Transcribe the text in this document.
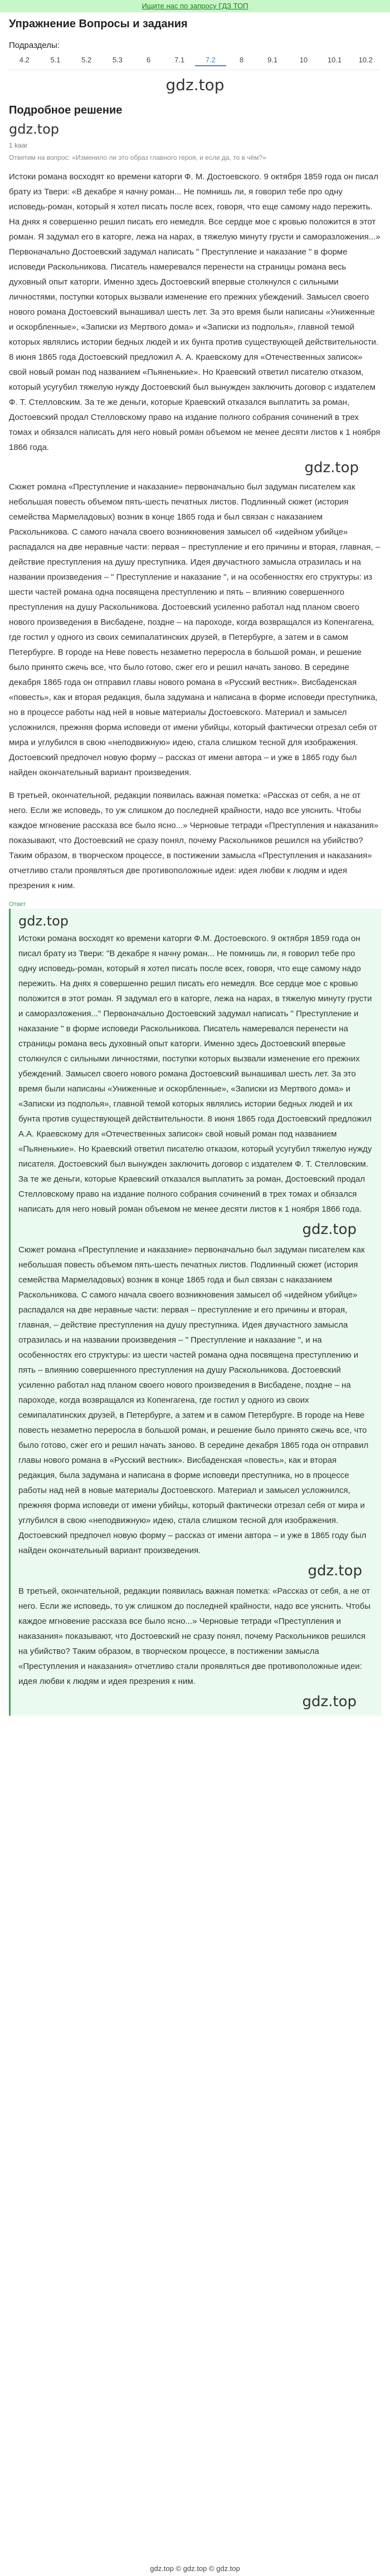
Ищите нас по запросу ГДЗ ТОП
Упражнение Вопросы и задания
Подразделы:
4.2	5.1	5.2	5.3	6	7.1	7.2	8	9.1	10	10.1	10.2
gdz.top
Подробное решение
gdz.top
1 kaar
Ответим на вопрос: «Изменило ли это образ главного героя, и если да, то в чём?»

Истоки романа восходят ко времени каторги Ф. М. Достоевского. 9 октября 1859 года он писал брату из Твери: «В декабре я начну роман... Не помнишь ли, я говорил тебе про одну исповедь-роман, который я хотел писать после всех, говоря, что еще самому надо пережить. На днях я совершенно решил писать его немедля. Все сердце мое с кровью положится в этот роман. Я задумал его в каторге, лежа на нарах, в тяжелую минуту грусти и саморазложения...» Первоначально Достоевский задумал написать " Преступление и наказание " в форме исповеди Раскольникова. Писатель намеревался перенести на страницы романа весь духовный опыт каторги. Именно здесь Достоевский впервые столкнулся с сильными личностями, поступки которых вызвали изменение его прежних убеждений. Замысел своего нового романа Достоевский вынашивал шесть лет. За это время были написаны «Униженные и оскорбленные», «Записки из Мертвого дома» и «Записки из подполья», главной темой которых являлись истории бедных людей и их бунта против существующей действительности. 8 июня 1865 года Достоевский предложил А. А. Краевскому для «Отечественных записок» свой новый роман под названием «Пьяненькие». Но Краевский ответил писателю отказом, который усугубил тяжелую нужду Достоевский был вынужден заключить договор с издателем Ф. Т. Стелловским. За те же деньги, которые Краевский отказался выплатить за роман, Достоевский продал Стелловскому право на издание полного собрания сочинений в трех томах и обязался написать для него новый роман объемом не менее десяти листов к 1 ноября 1866 года.

gdz.top

Сюжет романа «Преступление и наказание» первоначально был задуман писателем как небольшая повесть объемом пять-шесть печатных листов. Подлинный сюжет (история семейства Мармеладовых) возник в конце 1865 года и был связан с наказанием Раскольникова. С самого начала своего возникновения замысел об «идейном убийце» распадался на две неравные части: первая – преступление и его причины и вторая, главная, – действие преступления на душу преступника. Идея двучастного замысла отразилась и на названии произведения – " Преступление и наказание ", и на особенностях его структуры: из шести частей романа одна посвящена преступлению и пять – влиянию совершенного преступления на душу Раскольникова. Достоевский усиленно работал над планом своего нового произведения в Висбадене, поздне – на пароходе, когда возвращался из Копенгагена, где гостил у одного из своих семипалатинских друзей, в Петербурге, а затем и в самом Петербурге. В городе на Неве повесть незаметно переросла в большой роман, и решение было принято сжечь все, что было готово, сжег его и решил начать заново. В середине декабря 1865 года он отправил главы нового романа в «Русский вестник». Висбаденская «повесть», как и вторая редакция, была задумана и написана в форме исповеди преступника, но в процессе работы над ней в новые материалы Достоевского. Материал и замысел усложнился, прежняя форма исповеди от имени убийцы, который фактически отрезал себя от мира и углубился в свою «неподвижную» идею, стала слишком тесной для изображения. Достоевский предпочел новую форму – рассказ от имени автора – и уже в 1865 году был найден окончательный вариант произведения.

В третьей, окончательной, редакции появилась важная пометка: «Рассказ от себя, а не от него. Если же исповедь, то уж слишком до последней крайности, надо все уяснить. Чтобы каждое мгновение рассказа все было ясно...» Черновые тетради «Преступления и наказания» показывают, что Достоевский не сразу понял, почему Раскольников решился на убийство? Таким образом, в творческом процессе, в постижении замысла «Преступления и наказания» отчетливо стали проявляться две противоположные идеи: идея любви к людям и идея презрения к ним.

Ответ
gdz.top

Истоки романа восходят ко времени каторги Ф.М. Достоевского. 9 октября 1859 года он писал брату из Твери: "В декабре я начну роман... Не помнишь ли, я говорил тебе про одну исповедь-роман, который я хотел писать после всех, говоря, что еще самому надо пережить. На днях я совершенно решил писать его немедля. Все сердце мое с кровью положится в этот роман. Я задумал его в каторге, лежа на нарах, в тяжелую минуту грусти и саморазложения..." Первоначально Достоевский задумал написать " Преступление и наказание " в форме исповеди Раскольникова. Писатель намеревался перенести на страницы романа весь духовный опыт каторги. Именно здесь Достоевский впервые столкнулся с сильными личностями, поступки которых вызвали изменение его прежних убеждений. Замысел своего нового романа Достоевский вынашивал шесть лет. За это время были написаны «Униженные и оскорбленные», «Записки из Мертвого дома» и «Записки из подполья», главной темой которых являлись истории бедных людей и их бунта против существующей действительности. 8 июня 1865 года Достоевский предложил А.А. Краевскому для «Отечественных записок» свой новый роман под названием «Пьяненькие». Но Краевский ответил писателю отказом, который усугубил тяжелую нужду писателя. Достоевский был вынужден заключить договор с издателем Ф. Т. Стелловским. За те же деньги, которые Краевский отказался выплатить за роман, Достоевский продал Стелловскому право на издание полного собрания сочинений в трех томах и обязался написать для него новый роман объемом не менее десяти листов к 1 ноября 1866 года.

gdz.top

Сюжет романа «Преступление и наказание» первоначально был задуман писателем как небольшая повесть объемом пять-шесть печатных листов. Подлинный сюжет (история семейства Мармеладовых) возник в конце 1865 года и был связан с наказанием Раскольникова. С самого начала своего возникновения замысел об «идейном убийце» распадался на две неравные части: первая – преступление и его причины и вторая, главная, – действие преступления на душу преступника. Идея двучастного замысла отразилась и на названии произведения – " Преступление и наказание ", и на особенностях его структуры: из шести частей романа одна посвящена преступлению и пять – влиянию совершенного преступления на душу Раскольникова. Достоевский усиленно работал над планом своего нового произведения в Висбадене, поздне – на пароходе, когда возвращался из Копенгагена, где гостил у одного из своих семипалатинских друзей, в Петербурге, а затем и в самом Петербурге. В городе на Неве повесть незаметно переросла в большой роман, и решение было принято сжечь все, что было готово, сжег его и решил начать заново. В середине декабря 1865 года он отправил главы нового романа в «Русский вестник». Висбаденская «повесть», как и вторая редакция, была задумана и написана в форме исповеди преступника, но в процессе работы над ней в новые материалы Достоевского. Материал и замысел усложнился, прежняя форма исповеди от имени убийцы, который фактически отрезал себя от мира и углубился в свою «неподвижную» идею, стала слишком тесной для изображения. Достоевский предпочел новую форму – рассказ от имени автора – и уже в 1865 году был найден окончательный вариант произведения.

gdz.top

В третьей, окончательной, редакции появилась важная пометка: «Рассказ от себя, а не от него. Если же исповедь, то уж слишком до последней крайности, надо все уяснить. Чтобы каждое мгновение рассказа все было ясно...» Черновые тетради «Преступления и наказания» показывают, что Достоевский не сразу понял, почему Раскольников решился на убийство? Таким образом, в творческом процессе, в постижении замысла «Преступления и наказания» отчетливо стали проявляться две противоположные идеи: идея любви к людям и идея презрения к ним.

gdz.top
gdz.top © gdz.top © gdz.top
